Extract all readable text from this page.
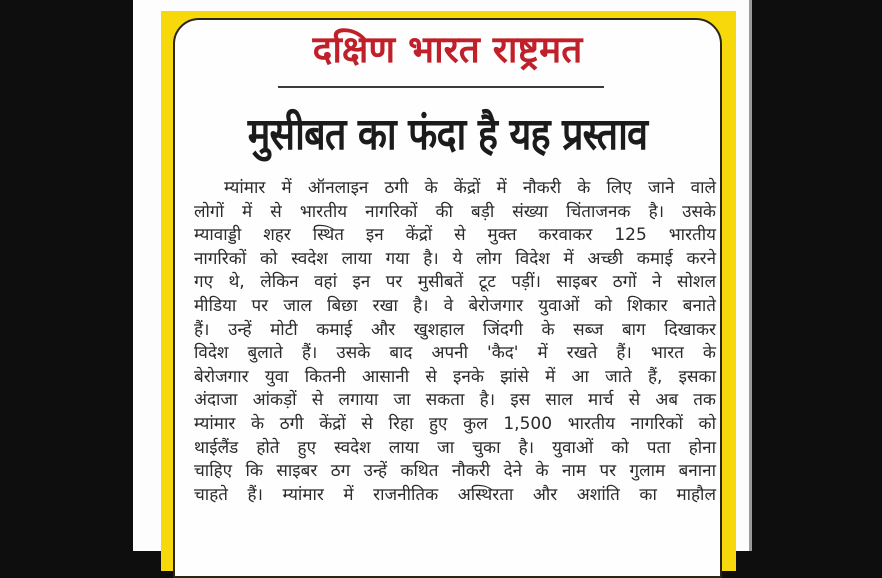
दक्षिण भारत राष्ट्रमत
मुसीबत का फंदा है यह प्रस्ताव
म्यांमार में ऑनलाइन ठगी के केंद्रों में नौकरी के लिए जाने वाले
लोगों में से भारतीय नागरिकों की बड़ी संख्या चिंताजनक है। उसके
म्यावाड्डी शहर स्थित इन केंद्रों से मुक्त करवाकर 125 भारतीय
नागरिकों को स्वदेश लाया गया है। ये लोग विदेश में अच्छी कमाई करने
गए थे, लेकिन वहां इन पर मुसीबतें टूट पड़ीं। साइबर ठगों ने सोशल
मीडिया पर जाल बिछा रखा है। वे बेरोजगार युवाओं को शिकार बनाते
हैं। उन्हें मोटी कमाई और खुशहाल जिंदगी के सब्ज बाग दिखाकर
विदेश बुलाते हैं। उसके बाद अपनी 'कैद' में रखते हैं। भारत के
बेरोजगार युवा कितनी आसानी से इनके झांसे में आ जाते हैं, इसका
अंदाजा आंकड़ों से लगाया जा सकता है। इस साल मार्च से अब तक
म्यांमार के ठगी केंद्रों से रिहा हुए कुल 1,500 भारतीय नागरिकों को
थाईलैंड होते हुए स्वदेश लाया जा चुका है। युवाओं को पता होना
चाहिए कि साइबर ठग उन्हें कथित नौकरी देने के नाम पर गुलाम बनाना
चाहते हैं। म्यांमार में राजनीतिक अस्थिरता और अशांति का माहौल
